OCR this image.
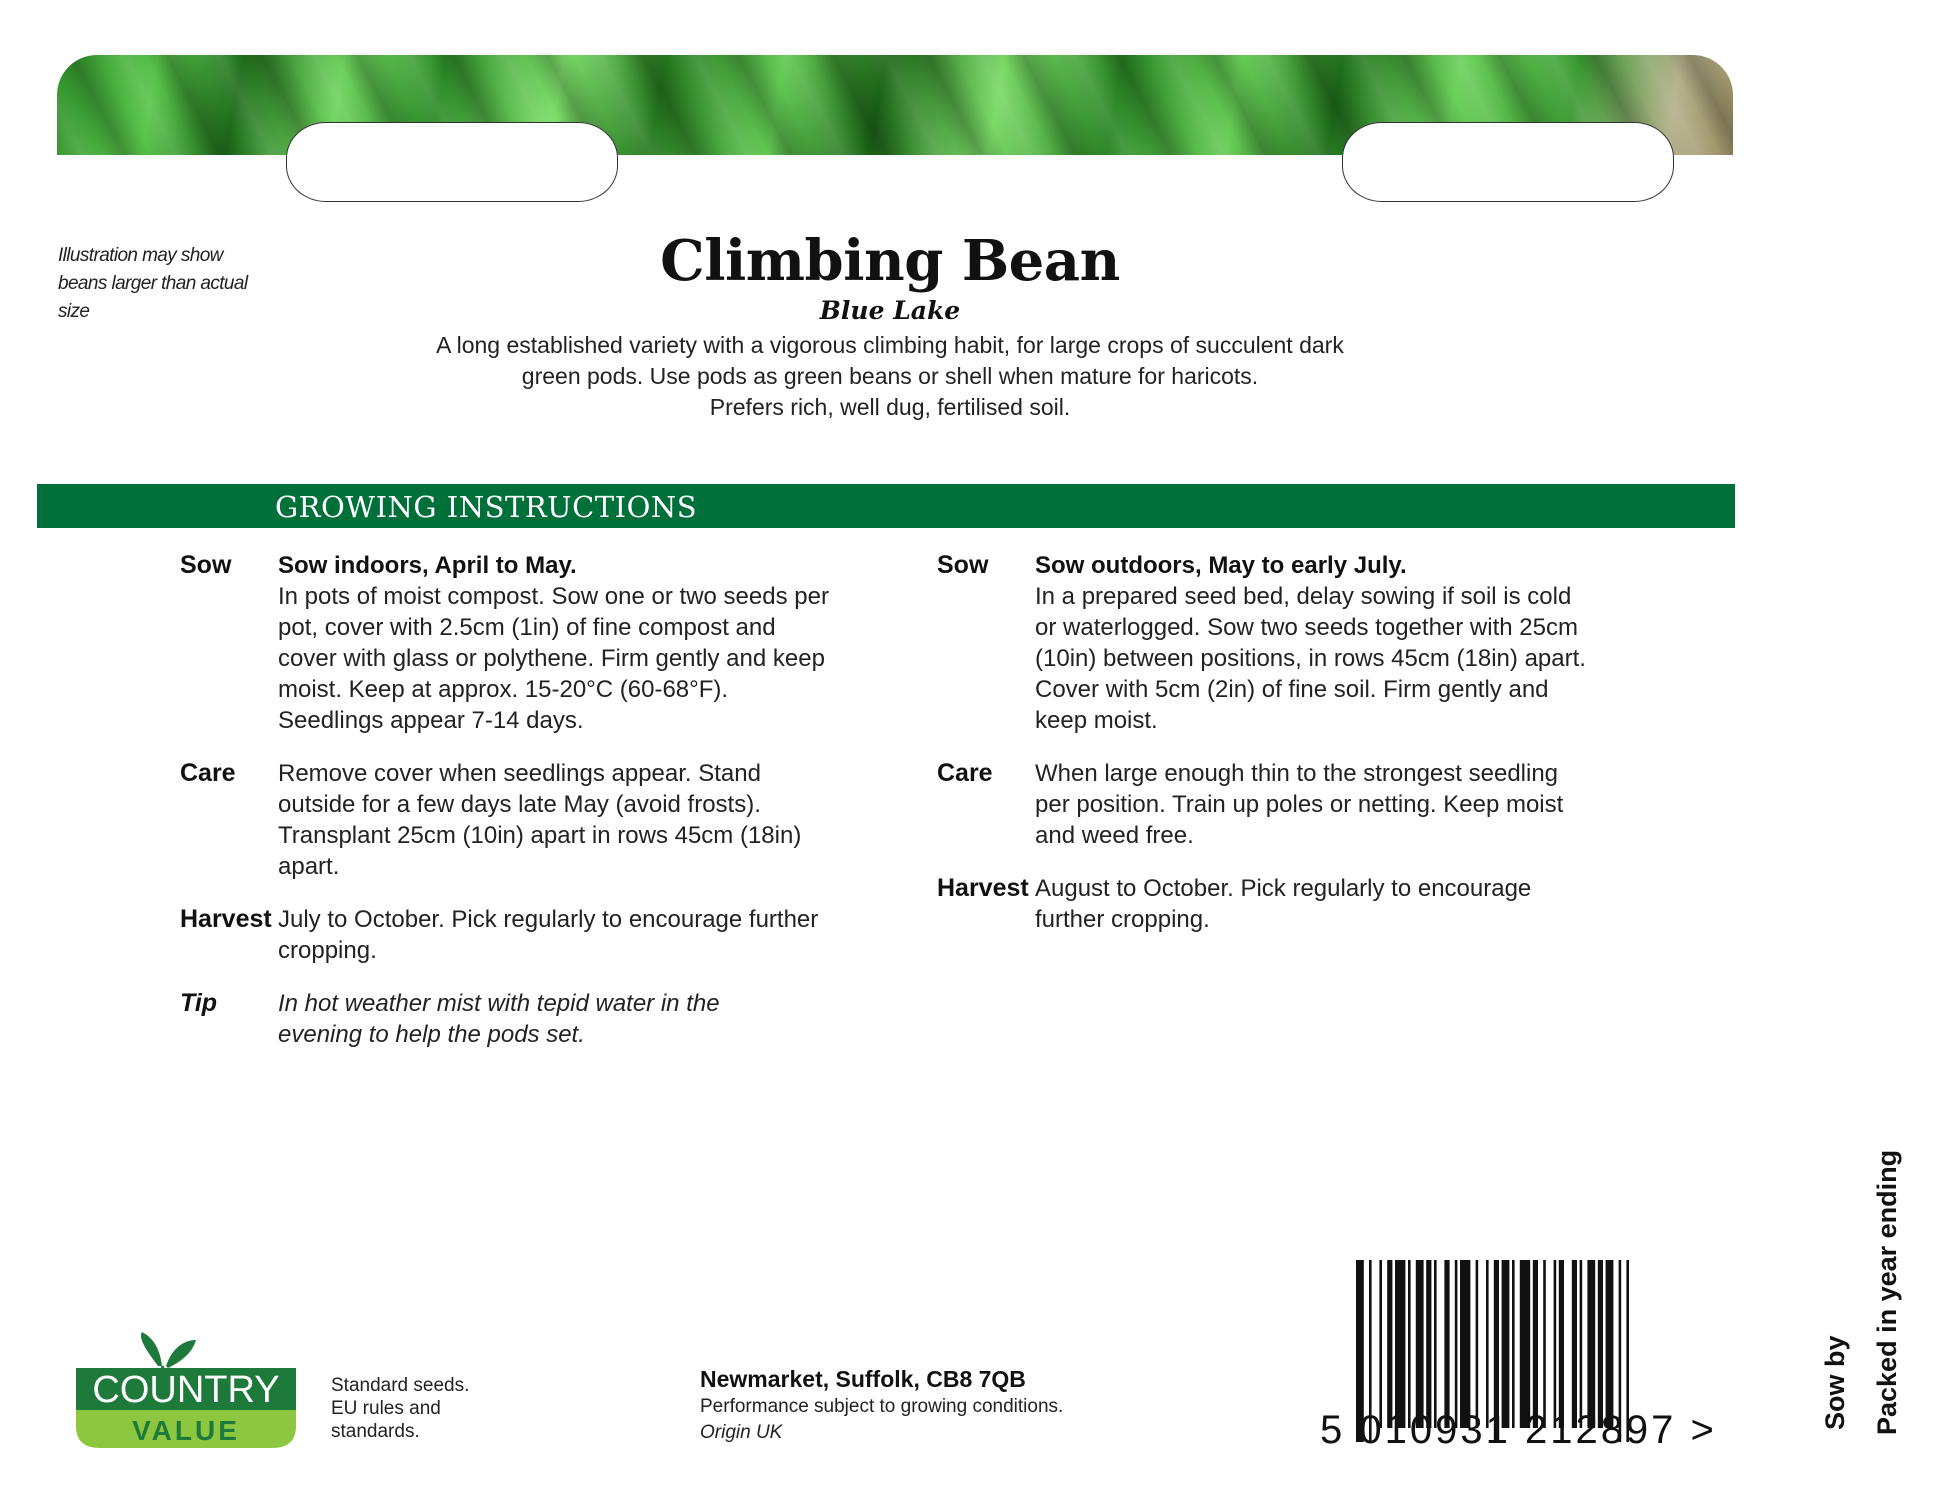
Illustration may show beans larger than actual size
Climbing Bean
Blue Lake
A long established variety with a vigorous climbing habit, for large crops of succulent dark
green pods. Use pods as green beans or shell when mature for haricots.
Prefers rich, well dug, fertilised soil.
GROWING INSTRUCTIONS
Sow Sow indoors, April to May.
In pots of moist compost. Sow one or two seeds per pot, cover with 2.5cm (1in) of fine compost and cover with glass or polythene. Firm gently and keep moist. Keep at approx. 15-20°C (60-68°F). Seedlings appear 7-14 days.
Care Remove cover when seedlings appear. Stand outside for a few days late May (avoid frosts). Transplant 25cm (10in) apart in rows 45cm (18in) apart.
Harvest July to October. Pick regularly to encourage further cropping.
Tip	In hot weather mist with tepid water in the evening to help the pods set.
Sow Sow outdoors, May to early July.
In a prepared seed bed, delay sowing if soil is cold or waterlogged. Sow two seeds together with 25cm (10in) between positions, in rows 45cm (18in) apart. Cover with 5cm (2in) of fine soil. Firm gently and keep moist.
Care When large enough thin to the strongest seedling per position. Train up poles or netting. Keep moist and weed free.
Harvest August to October. Pick regularly to encourage further cropping.
COUNTRY
VALUE
Standard seeds. EU rules and standards.
Newmarket, Suffolk, CB8 7QB
Performance subject to growing conditions.
Origin UK	5 010931 212897 >	Sow by Packed in year ending
